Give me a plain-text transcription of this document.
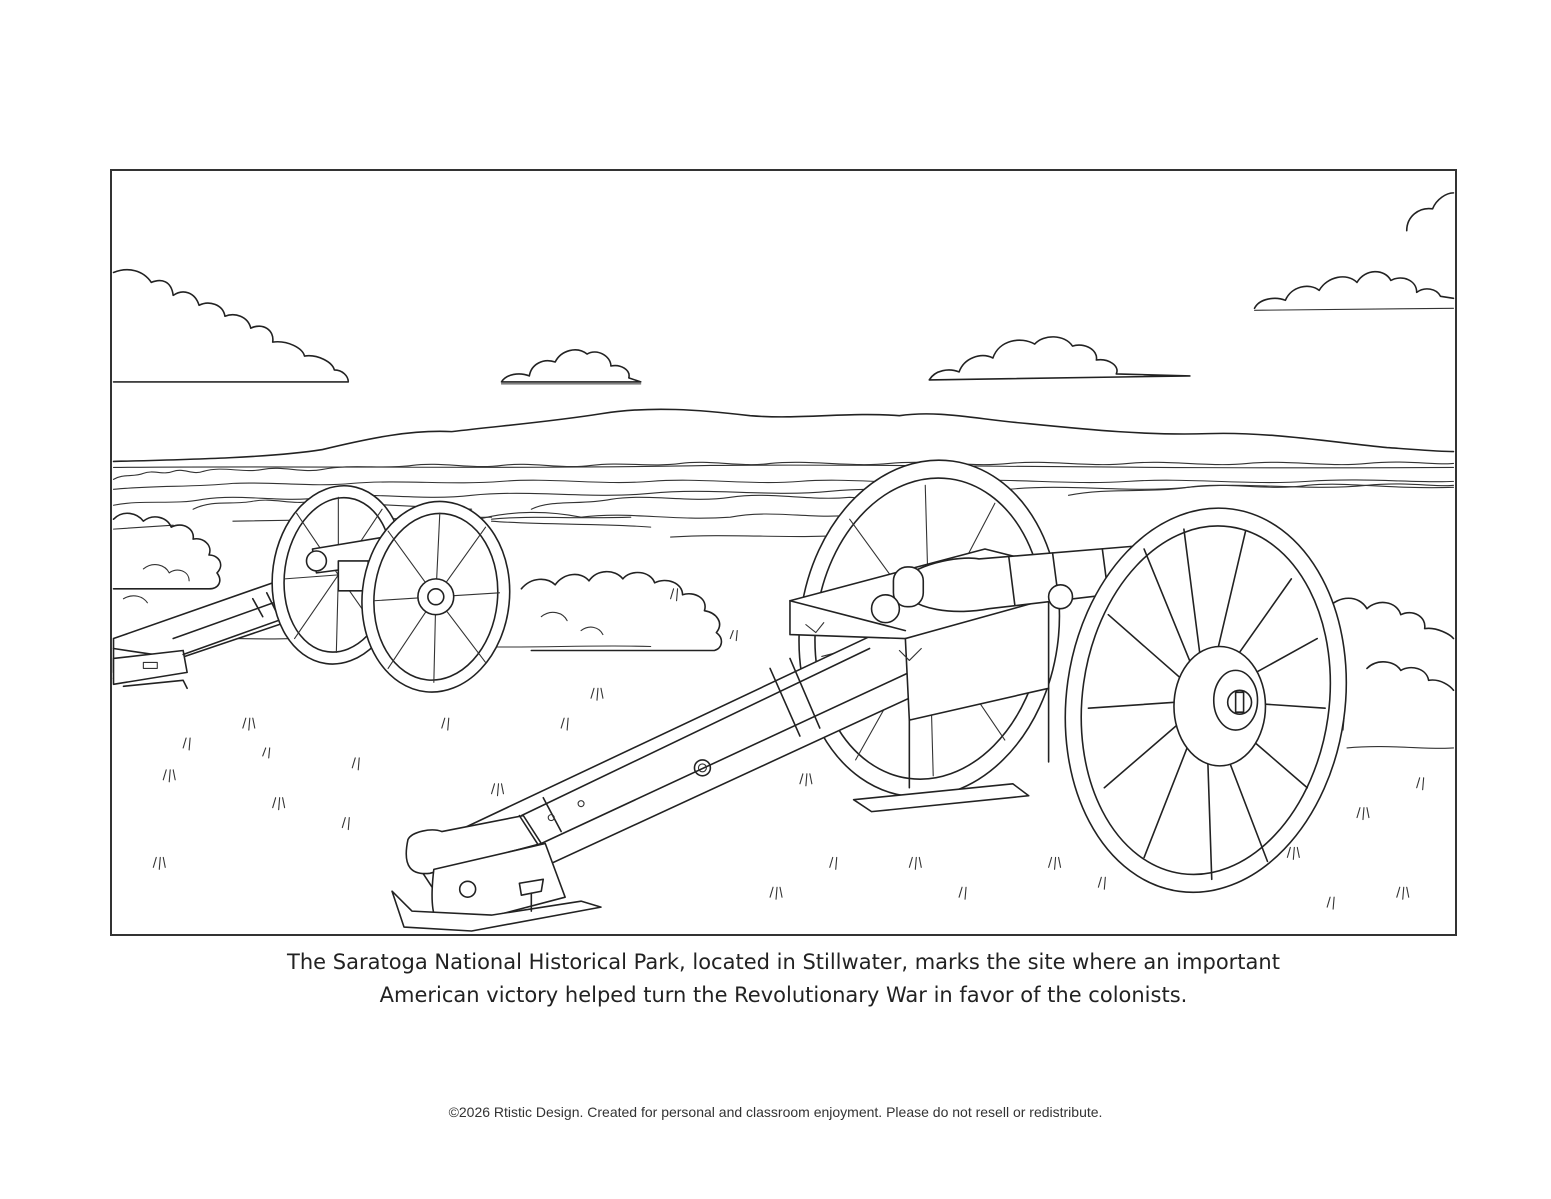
The Saratoga National Historical Park, located in Stillwater, marks the site where an important
American victory helped turn the Revolutionary War in favor of the colonists.
©2026 Rtistic Design. Created for personal and classroom enjoyment. Please do not resell or redistribute.
